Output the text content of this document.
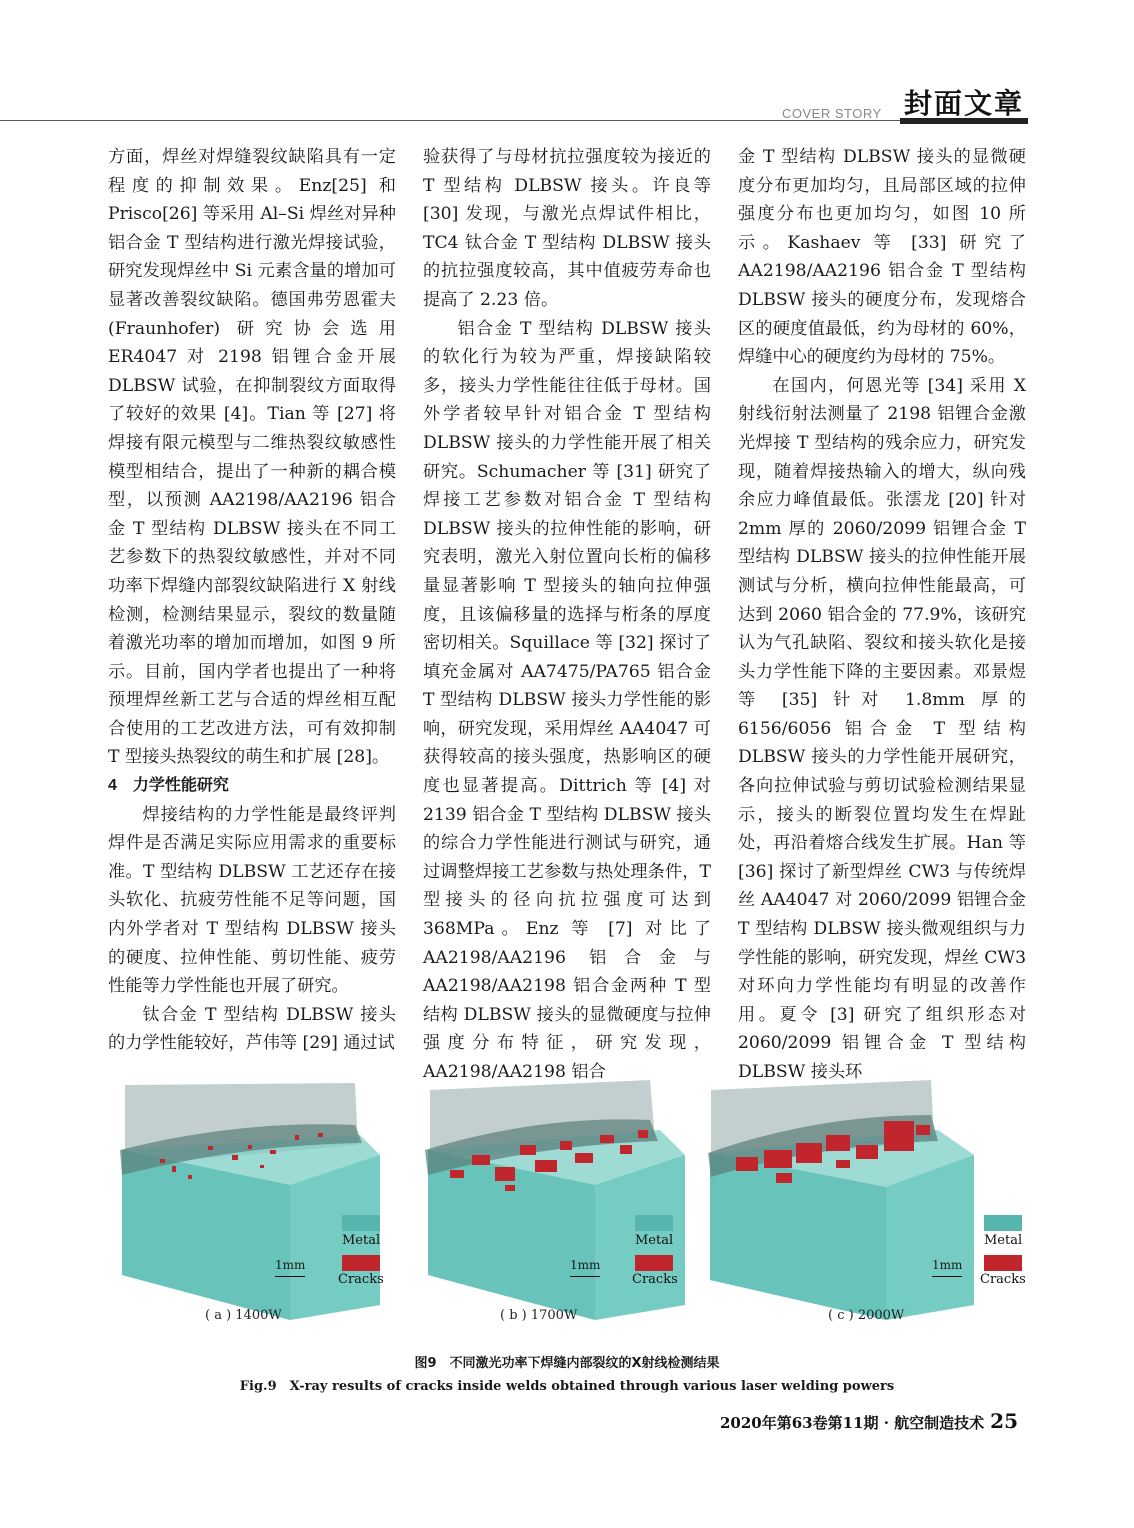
COVER STORY 封面文章

方面，焊丝对焊缝裂纹缺陷具有一定程度的抑制效果。Enz[25] 和 Prisco[26] 等采用 Al–Si 焊丝对异种铝合金 T 型结构进行激光焊接试验，研究发现焊丝中 Si 元素含量的增加可显著改善裂纹缺陷。德国弗劳恩霍夫 (Fraunhofer) 研究协会选用 ER4047 对 2198 铝锂合金开展 DLBSW 试验，在抑制裂纹方面取得了较好的效果 [4]。Tian 等 [27] 将焊接有限元模型与二维热裂纹敏感性模型相结合，提出了一种新的耦合模型，以预测 AA2198/AA2196 铝合金 T 型结构 DLBSW 接头在不同工艺参数下的热裂纹敏感性，并对不同功率下焊缝内部裂纹缺陷进行 X 射线检测，检测结果显示，裂纹的数量随着激光功率的增加而增加，如图 9 所示。目前，国内学者也提出了一种将预埋焊丝新工艺与合适的焊丝相互配合使用的工艺改进方法，可有效抑制 T 型接头热裂纹的萌生和扩展 [28]。

4　力学性能研究

焊接结构的力学性能是最终评判焊件是否满足实际应用需求的重要标准。T 型结构 DLBSW 工艺还存在接头软化、抗疲劳性能不足等问题，国内外学者对 T 型结构 DLBSW 接头的硬度、拉伸性能、剪切性能、疲劳性能等力学性能也开展了研究。

钛合金 T 型结构 DLBSW 接头的力学性能较好，芦伟等 [29] 通过试

验获得了与母材抗拉强度较为接近的 T 型结构 DLBSW 接头。许良等 [30] 发现，与激光点焊试件相比，TC4 钛合金 T 型结构 DLBSW 接头的抗拉强度较高，其中值疲劳寿命也提高了 2.23 倍。

铝合金 T 型结构 DLBSW 接头的软化行为较为严重，焊接缺陷较多，接头力学性能往往低于母材。国外学者较早针对铝合金 T 型结构 DLBSW 接头的力学性能开展了相关研究。Schumacher 等 [31] 研究了焊接工艺参数对铝合金 T 型结构 DLBSW 接头的拉伸性能的影响，研究表明，激光入射位置向长桁的偏移量显著影响 T 型接头的轴向拉伸强度，且该偏移量的选择与桁条的厚度密切相关。Squillace 等 [32] 探讨了填充金属对 AA7475/PA765 铝合金 T 型结构 DLBSW 接头力学性能的影响，研究发现，采用焊丝 AA4047 可获得较高的接头强度，热影响区的硬度也显著提高。Dittrich 等 [4] 对 2139 铝合金 T 型结构 DLBSW 接头的综合力学性能进行测试与研究，通过调整焊接工艺参数与热处理条件，T 型接头的径向抗拉强度可达到 368MPa。Enz 等 [7] 对比了 AA2198/AA2196 铝合金与 AA2198/AA2198 铝合金两种 T 型结构 DLBSW 接头的显微硬度与拉伸强度分布特征，研究发现，AA2198/AA2198 铝合

金 T 型结构 DLBSW 接头的显微硬度分布更加均匀，且局部区域的拉伸强度分布也更加均匀，如图 10 所示。Kashaev 等 [33] 研究了 AA2198/AA2196 铝合金 T 型结构 DLBSW 接头的硬度分布，发现熔合区的硬度值最低，约为母材的 60%，焊缝中心的硬度约为母材的 75%。

在国内，何恩光等 [34] 采用 X 射线衍射法测量了 2198 铝锂合金激光焊接 T 型结构的残余应力，研究发现，随着焊接热输入的增大，纵向残余应力峰值最低。张澐龙 [20] 针对 2mm 厚的 2060/2099 铝锂合金 T 型结构 DLBSW 接头的拉伸性能开展测试与分析，横向拉伸性能最高，可达到 2060 铝合金的 77.9%，该研究认为气孔缺陷、裂纹和接头软化是接头力学性能下降的主要因素。邓景煜等 [35] 针对 1.8mm 厚的 6156/6056 铝合金 T 型结构 DLBSW 接头的力学性能开展研究，各向拉伸试验与剪切试验检测结果显示，接头的断裂位置均发生在焊趾处，再沿着熔合线发生扩展。Han 等 [36] 探讨了新型焊丝 CW3 与传统焊丝 AA4047 对 2060/2099 铝锂合金 T 型结构 DLBSW 接头微观组织与力学性能的影响，研究发现，焊丝 CW3 对环向力学性能均有明显的改善作用。夏令 [3] 研究了组织形态对 2060/2099 铝锂合金 T 型结构 DLBSW 接头环

Metal
Cracks
1mm
Metal
Cracks
1mm
Metal
Cracks
1mm
( a ) 1400W	( b ) 1700W	( c ) 2000W
图9　不同激光功率下焊缝内部裂纹的X射线检测结果
Fig.9　X-ray results of cracks inside welds obtained through various laser welding powers
2020年第63卷第11期 · 航空制造技术 25
